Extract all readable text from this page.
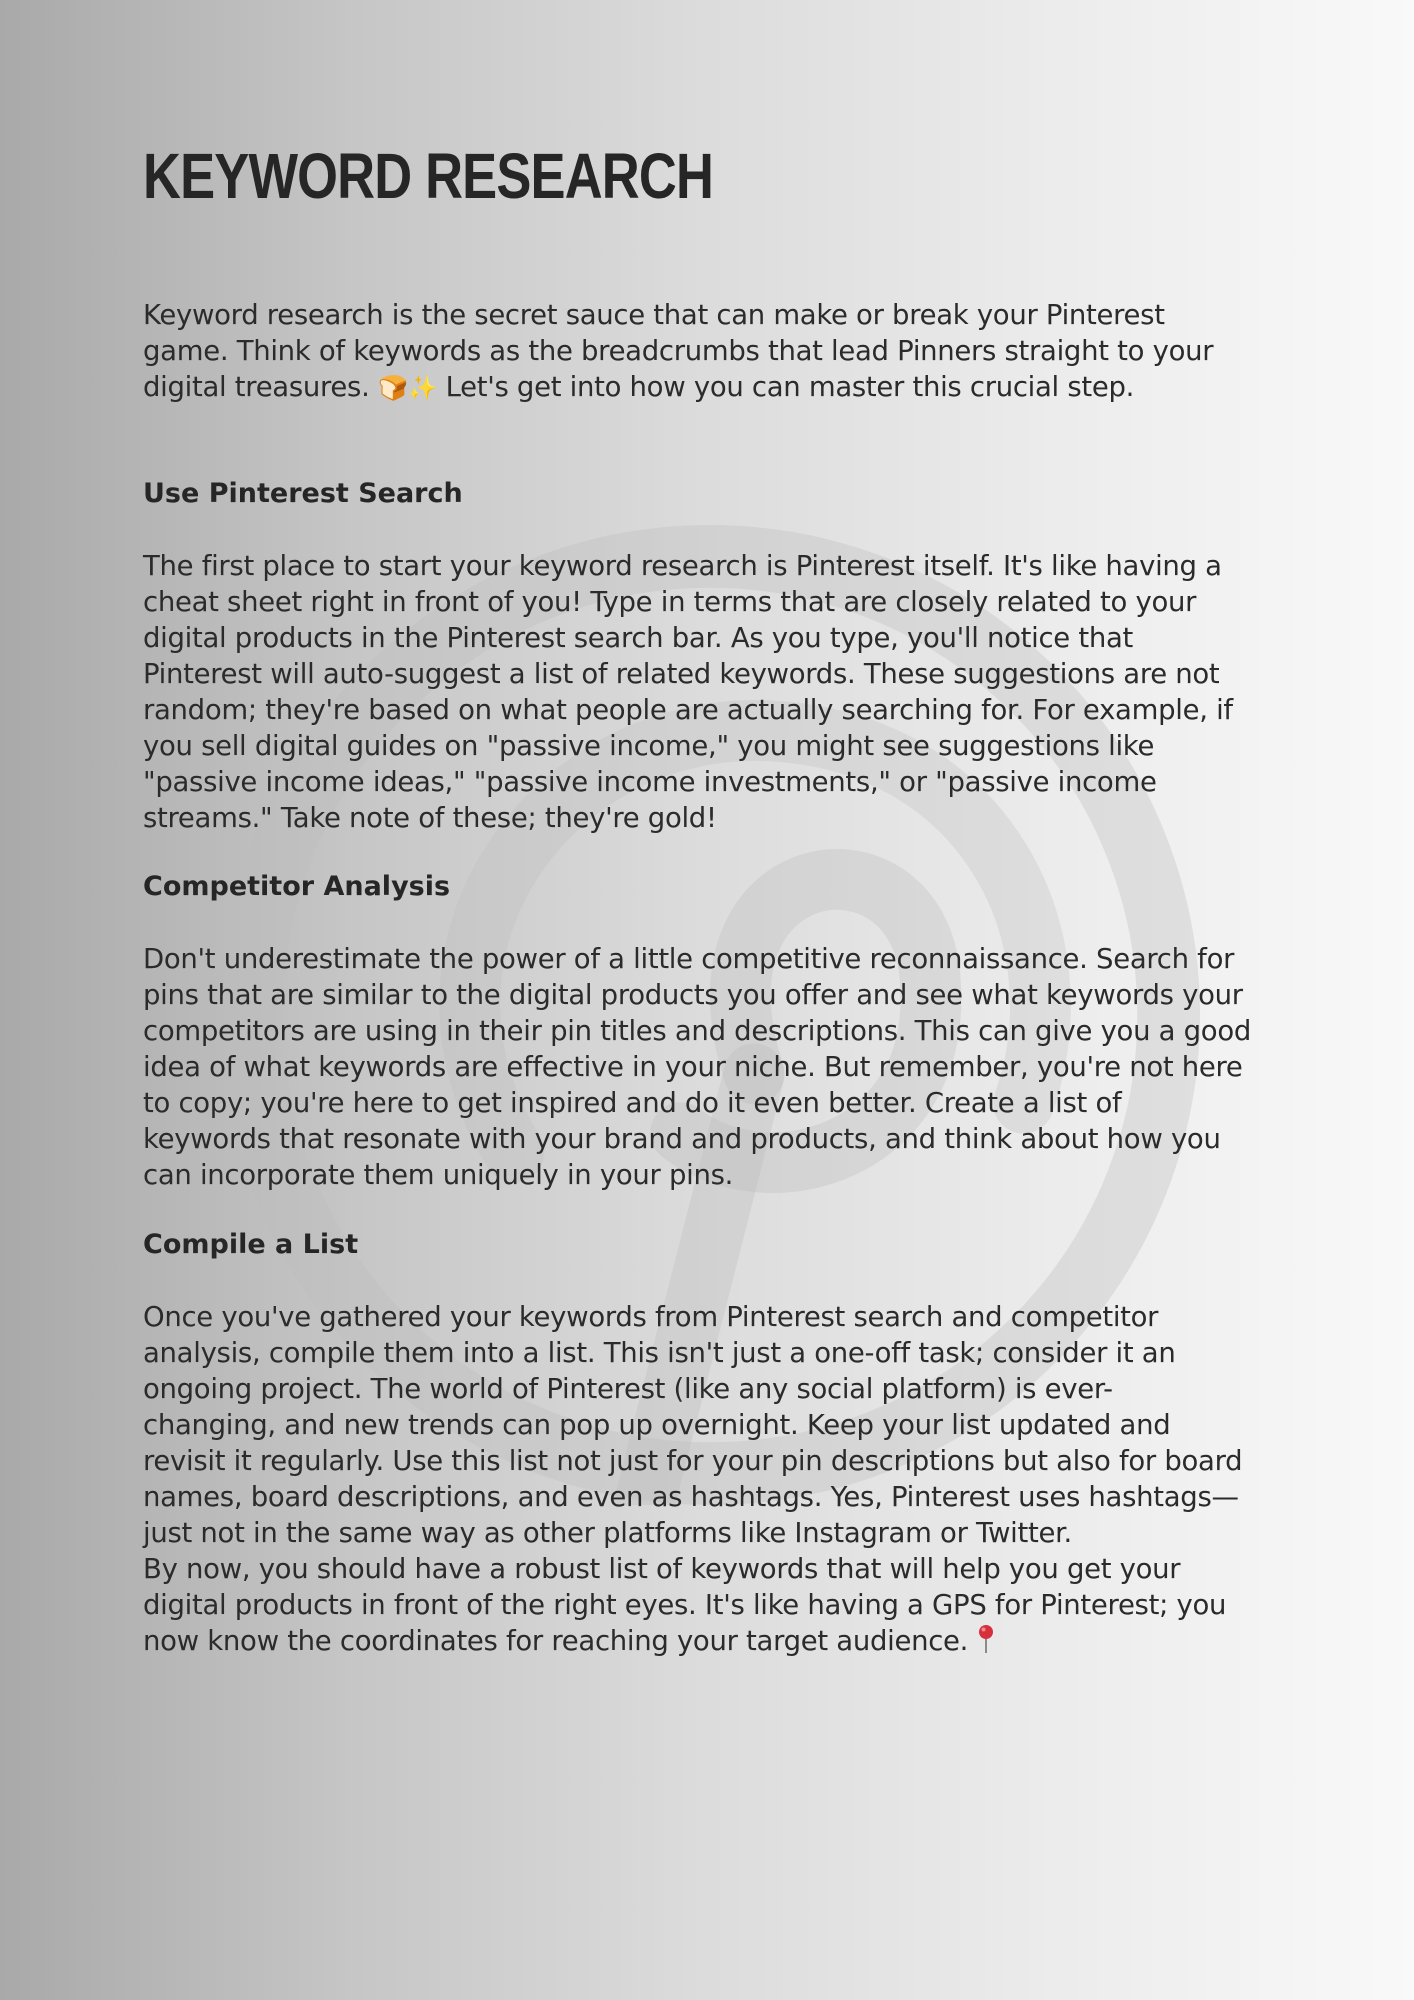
KEYWORD RESEARCH

Keyword research is the secret sauce that can make or break your Pinterest
game. Think of keywords as the breadcrumbs that lead Pinners straight to your
digital treasures. 🍞✨ Let's get into how you can master this crucial step.

Use Pinterest Search

The first place to start your keyword research is Pinterest itself. It's like having a
cheat sheet right in front of you! Type in terms that are closely related to your
digital products in the Pinterest search bar. As you type, you'll notice that
Pinterest will auto-suggest a list of related keywords. These suggestions are not
random; they're based on what people are actually searching for. For example, if
you sell digital guides on "passive income," you might see suggestions like
"passive income ideas," "passive income investments," or "passive income
streams." Take note of these; they're gold!

Competitor Analysis

Don't underestimate the power of a little competitive reconnaissance. Search for
pins that are similar to the digital products you offer and see what keywords your
competitors are using in their pin titles and descriptions. This can give you a good
idea of what keywords are effective in your niche. But remember, you're not here
to copy; you're here to get inspired and do it even better. Create a list of
keywords that resonate with your brand and products, and think about how you
can incorporate them uniquely in your pins.

Compile a List

Once you've gathered your keywords from Pinterest search and competitor
analysis, compile them into a list. This isn't just a one-off task; consider it an
ongoing project. The world of Pinterest (like any social platform) is ever-
changing, and new trends can pop up overnight. Keep your list updated and
revisit it regularly. Use this list not just for your pin descriptions but also for board
names, board descriptions, and even as hashtags. Yes, Pinterest uses hashtags—
just not in the same way as other platforms like Instagram or Twitter.

By now, you should have a robust list of keywords that will help you get your
digital products in front of the right eyes. It's like having a GPS for Pinterest; you
now know the coordinates for reaching your target audience.
